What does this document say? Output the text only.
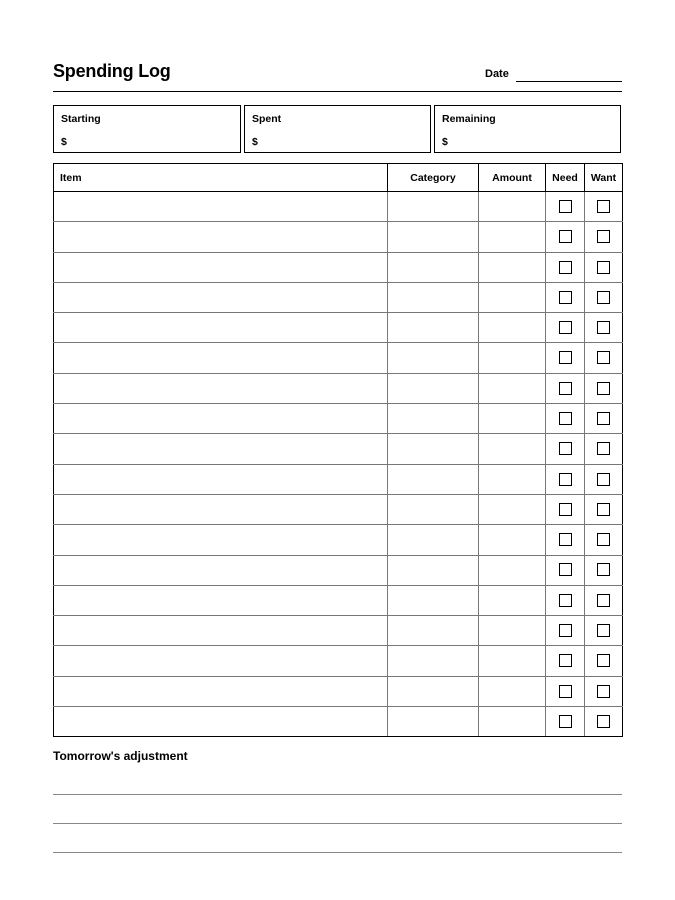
Spending Log	Date
Starting
$
Spent
$
Remaining
$
Item	Category	Amount	Need	Want

Tomorrow's adjustment
